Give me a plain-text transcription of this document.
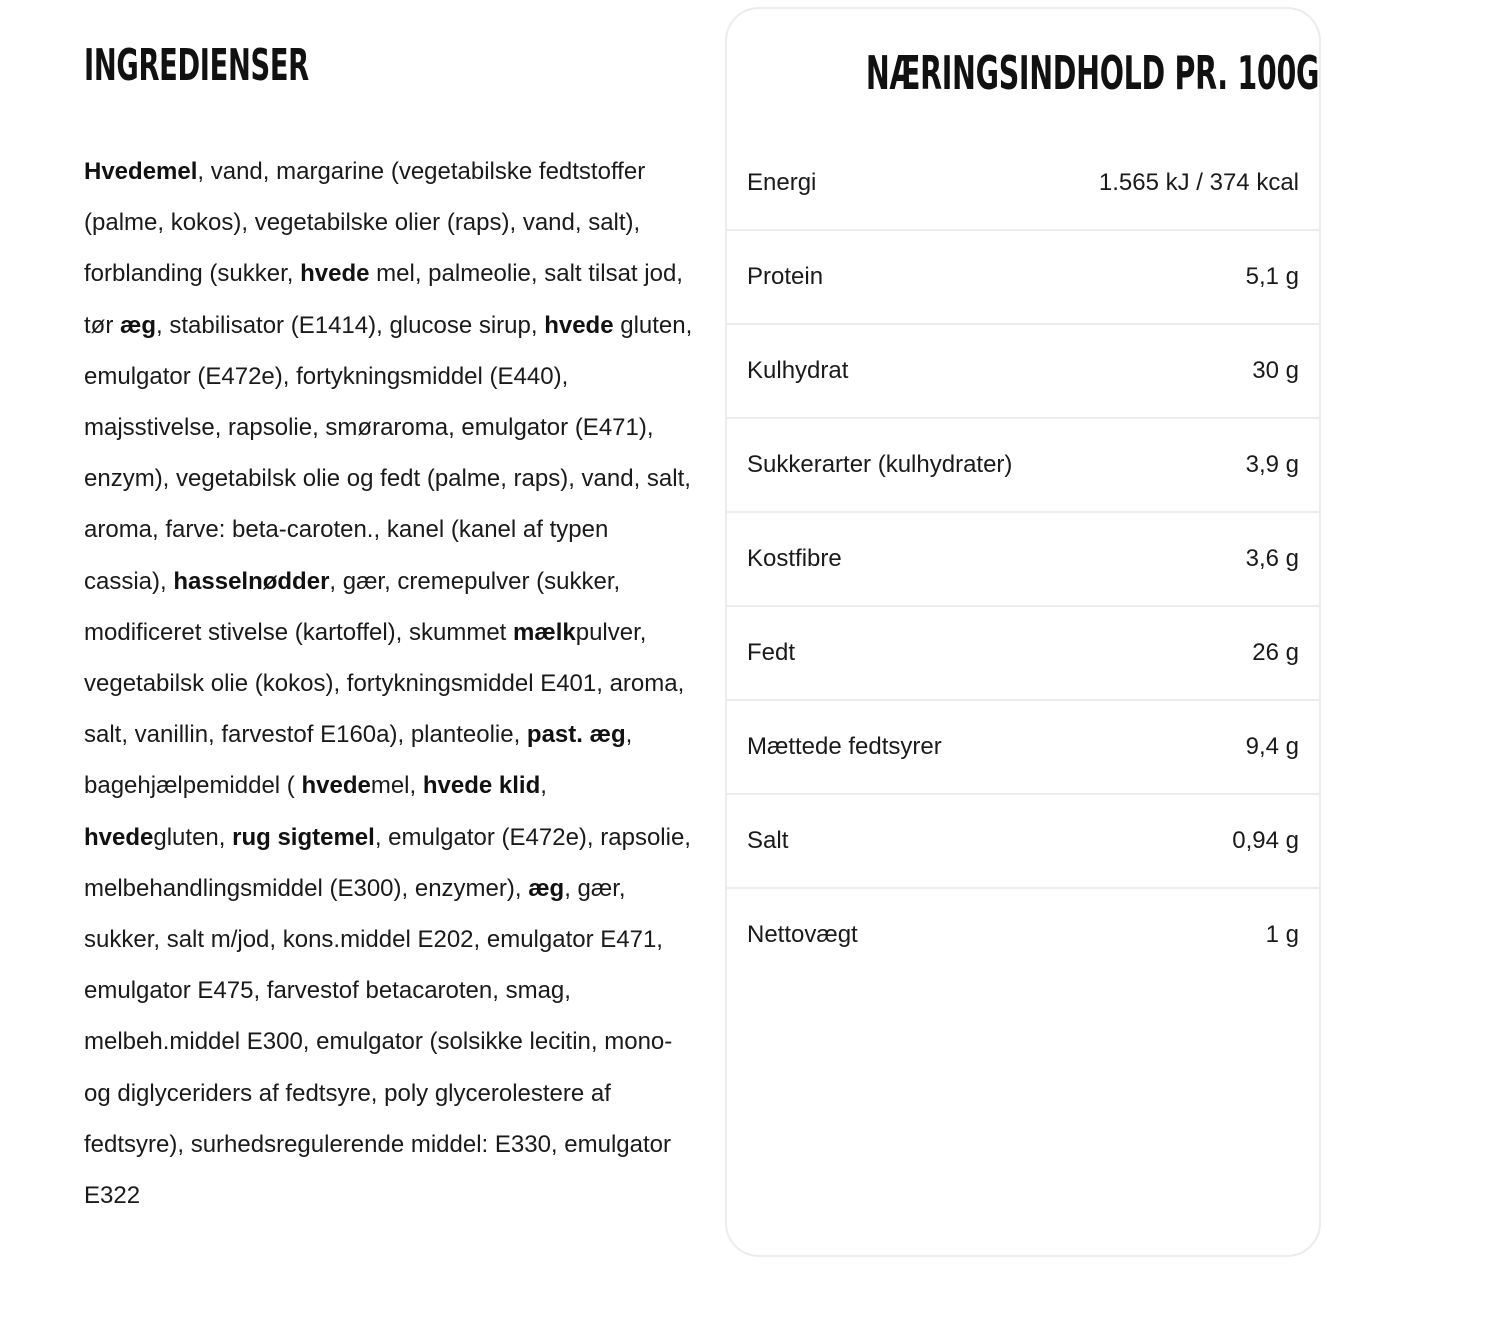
INGREDIENSER

Hvedemel, vand, margarine (vegetabilske fedtstoffer (palme, kokos), vegetabilske olier (raps), vand, salt), forblanding (sukker, hvede mel, palmeolie, salt tilsat jod, tør æg, stabilisator (E1414), glucose sirup, hvede gluten, emulgator (E472e), fortykningsmiddel (E440), majsstivelse, rapsolie, smøraroma, emulgator (E471), enzym), vegetabilsk olie og fedt (palme, raps), vand, salt, aroma, farve: beta-caroten., kanel (kanel af typen cassia), hasselnødder, gær, cremepulver (sukker, modificeret stivelse (kartoffel), skummet mælkpulver, vegetabilsk olie (kokos), fortykningsmiddel E401, aroma, salt, vanillin, farvestof E160a), planteolie, past. æg, bagehjælpemiddel ( hvedemel, hvede klid, hvedegluten, rug sigtemel, emulgator (E472e), rapsolie, melbehandlingsmiddel (E300), enzymer), æg, gær, sukker, salt m/jod, kons.middel E202, emulgator E471, emulgator E475, farvestof betacaroten, smag, melbeh.middel E300, emulgator (solsikke lecitin, mono- og diglyceriders af fedtsyre, poly glycerolestere af fedtsyre), surhedsregulerende middel: E330, emulgator E322

NÆRINGSINDHOLD PR. 100G
Energi	1.565 kJ / 374 kcal
Protein	5,1 g
Kulhydrat	30 g
Sukkerarter (kulhydrater)	3,9 g
Kostfibre	3,6 g
Fedt	26 g
Mættede fedtsyrer	9,4 g
Salt	0,94 g
Nettovægt	1 g
